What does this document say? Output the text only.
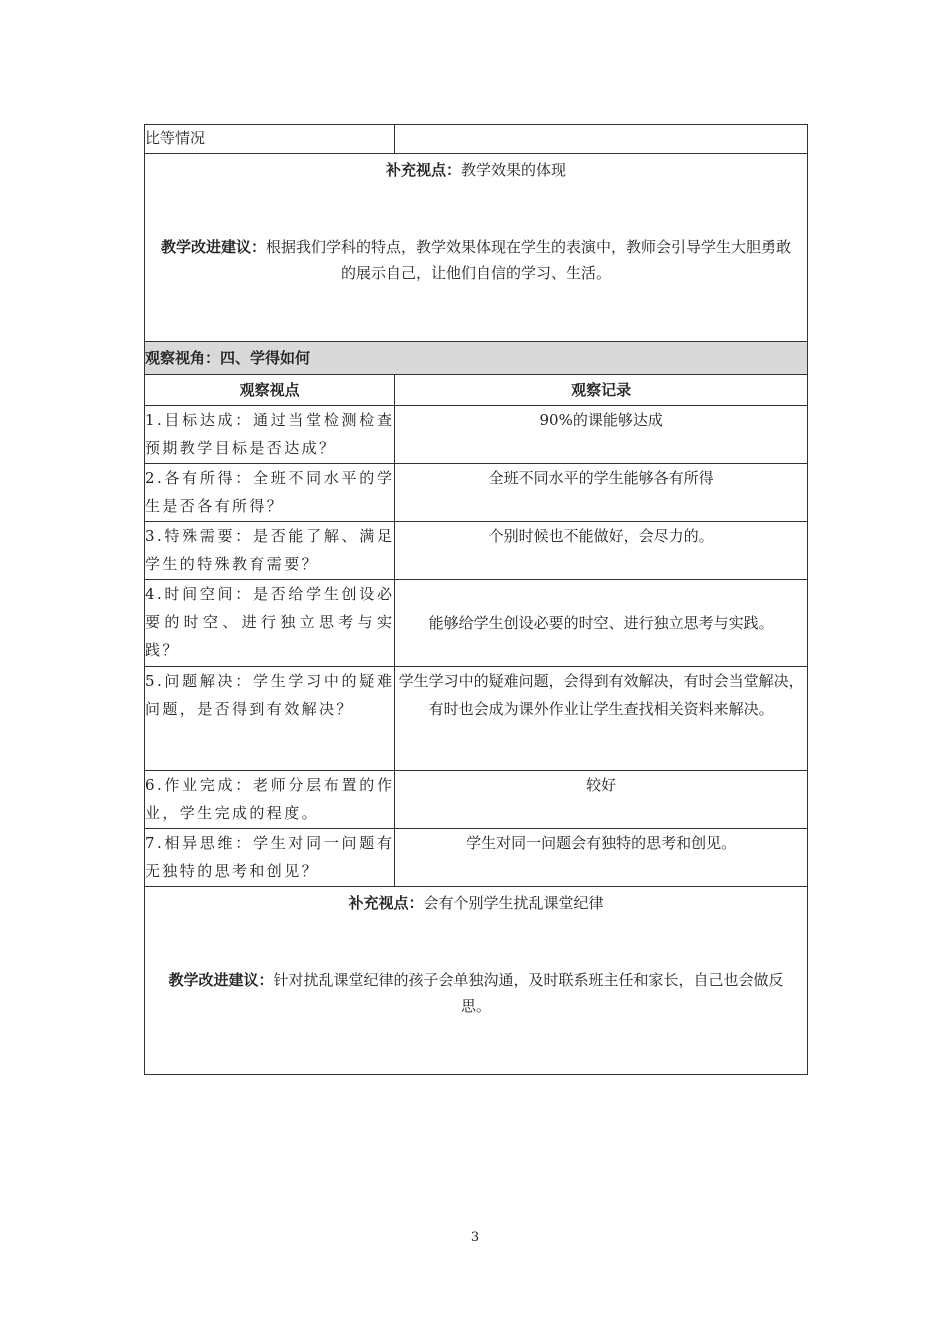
比等情况	

补充视点：教学效果的体现
教学改进建议：根据我们学科的特点，教学效果体现在学生的表演中，教师会引导学生大胆勇敢的展示自己，让他们自信的学习、生活。	

观察视角：四、学得如何	
观察视点	观察记录
1.目标达成：通过当堂检测检查预期教学目标是否达成？	90%的课能够达成
2.各有所得：全班不同水平的学生是否各有所得？	全班不同水平的学生能够各有所得
3.特殊需要：是否能了解、满足学生的特殊教育需要？	个别时候也不能做好，会尽力的。
4.时间空间：是否给学生创设必要的时空、进行独立思考与实践？	能够给学生创设必要的时空、进行独立思考与实践。
5.问题解决：学生学习中的疑难问题，是否得到有效解决？	学生学习中的疑难问题，会得到有效解决，有时会当堂解决，有时也会成为课外作业让学生查找相关资料来解决。
6.作业完成：老师分层布置的作业，学生完成的程度。	较好
7.相异思维：学生对同一问题有无独特的思考和创见？	学生对同一问题会有独特的思考和创见。

补充视点：会有个别学生扰乱课堂纪律
教学改进建议：针对扰乱课堂纪律的孩子会单独沟通，及时联系班主任和家长，自己也会做反思。	
3
